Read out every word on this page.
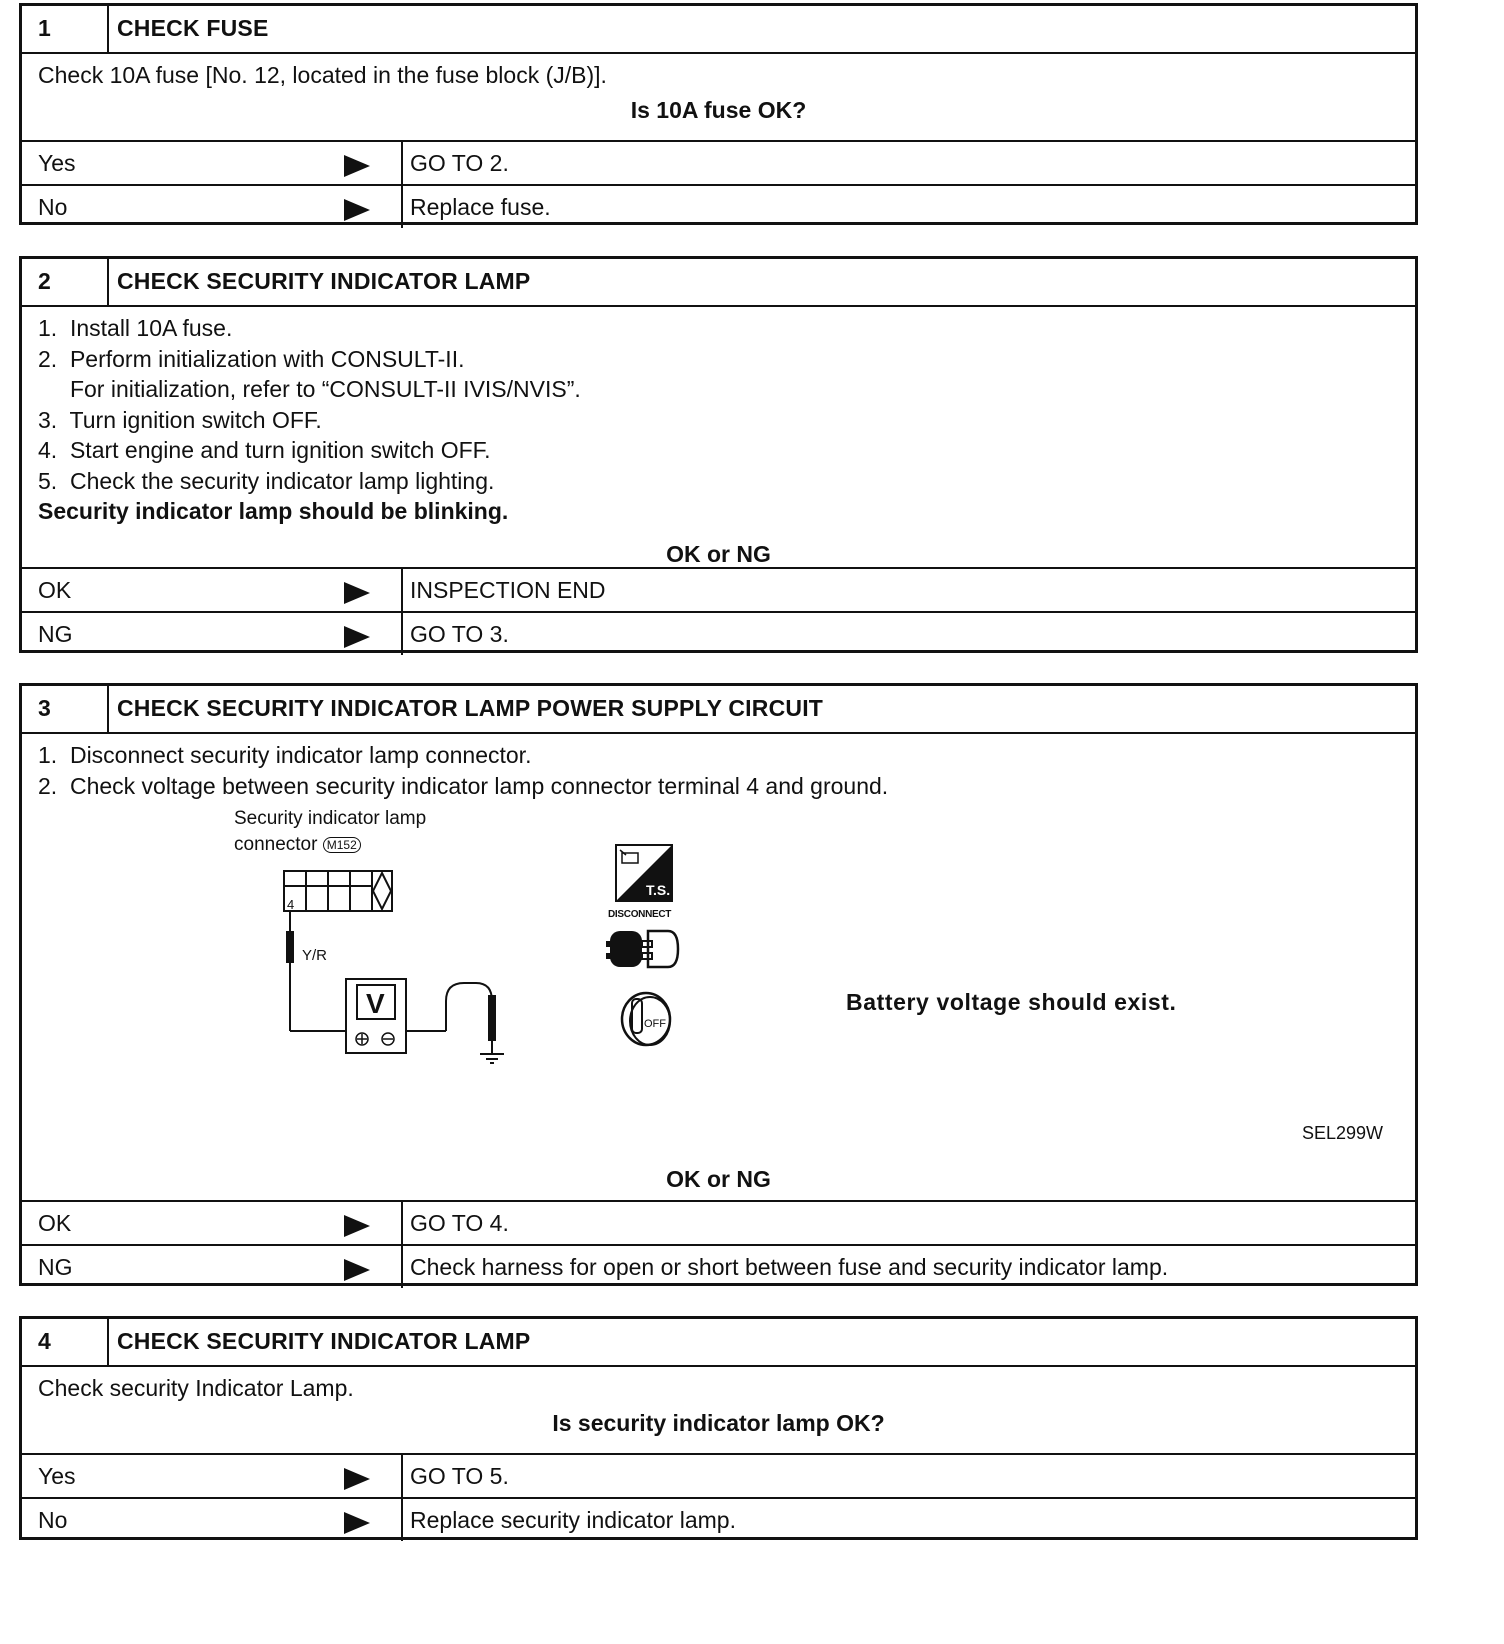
1	CHECK FUSE
Check 10A fuse [No. 12, located in the fuse block (J/B)].
Is 10A fuse OK?
Yes	GO TO 2.
No	Replace fuse.
2	CHECK SECURITY INDICATOR LAMP
1.  Install 10A fuse.
2.  Perform initialization with CONSULT-II.
For initialization, refer to “CONSULT-II IVIS/NVIS”.
3.  Turn ignition switch OFF.
4.  Start engine and turn ignition switch OFF.
5.  Check the security indicator lamp lighting.
Security indicator lamp should be blinking.
OK or NG
OK	INSPECTION END
NG	GO TO 3.
3	CHECK SECURITY INDICATOR LAMP POWER SUPPLY CIRCUIT
1.  Disconnect security indicator lamp connector.
2.  Check voltage between security indicator lamp connector terminal 4 and ground.
Security indicator lamp
connector M152
4
Y/R
V
T.S.
DISCONNECT
OFF
Battery voltage should exist.
SEL299W
OK or NG
OK	GO TO 4.
NG	Check harness for open or short between fuse and security indicator lamp.
4	CHECK SECURITY INDICATOR LAMP
Check security Indicator Lamp.
Is security indicator lamp OK?
Yes	GO TO 5.
No	Replace security indicator lamp.
